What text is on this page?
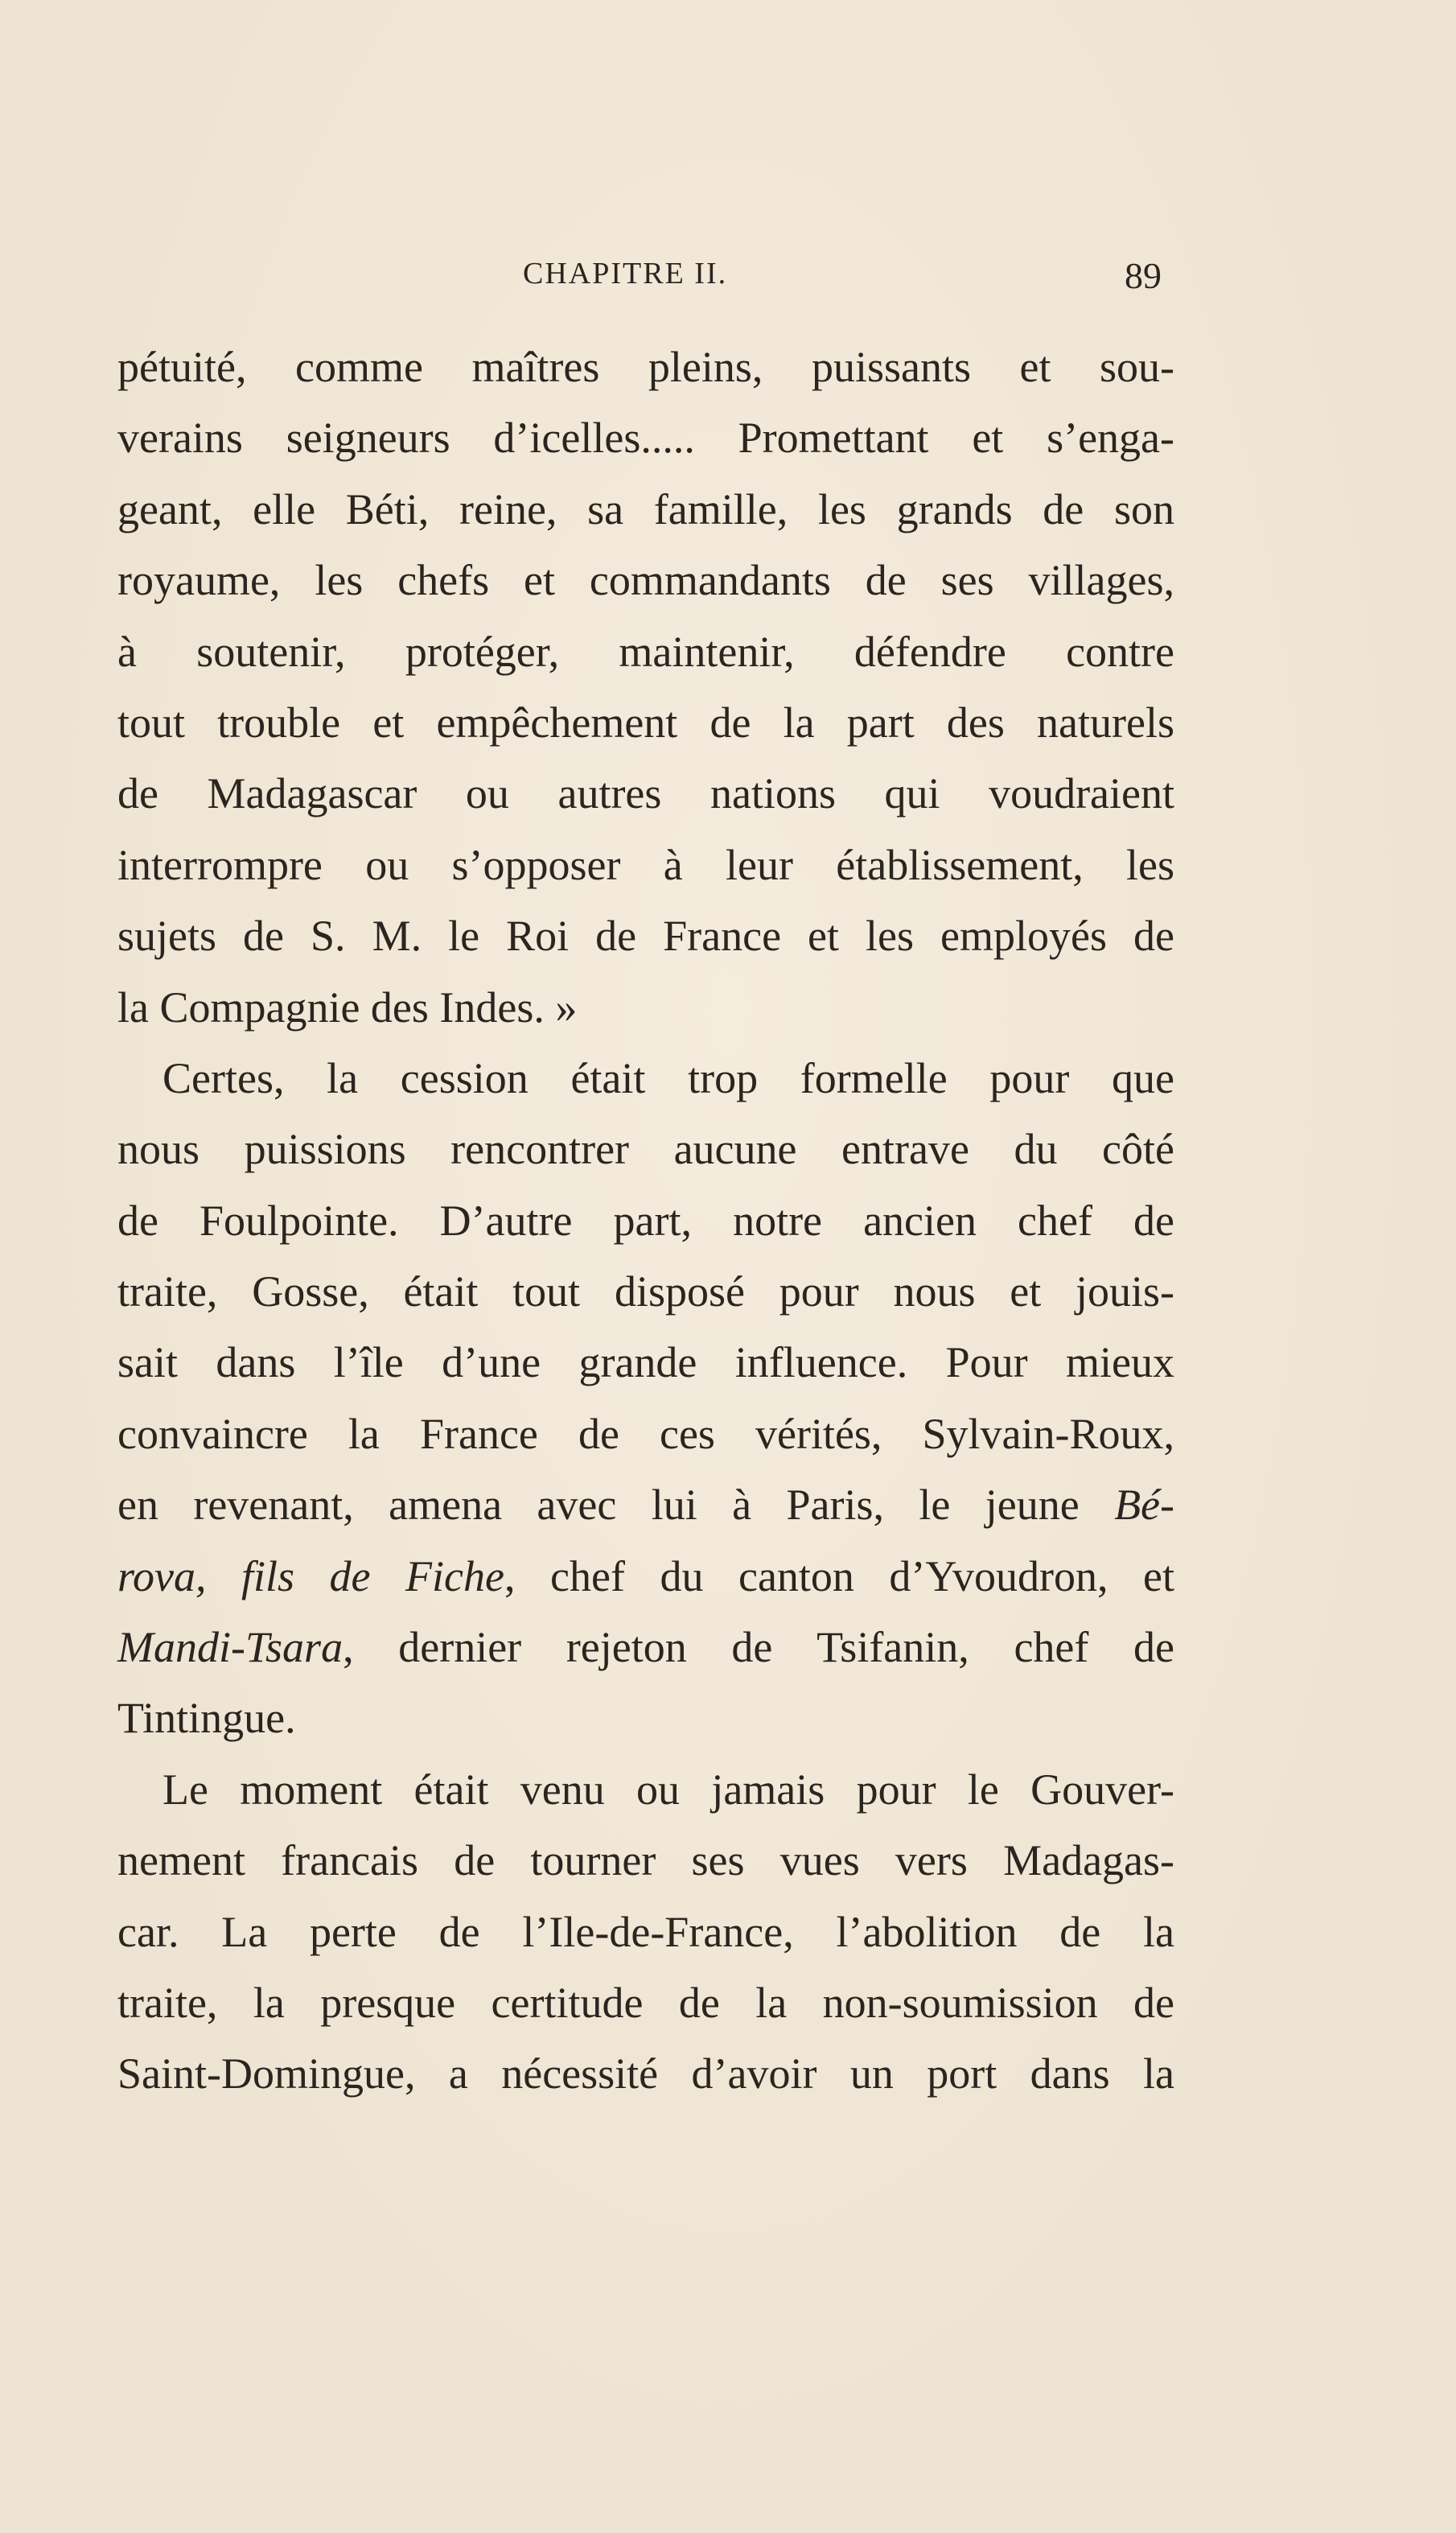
CHAPITRE II.	89
pétuité, comme maîtres pleins, puissants et sou-
verains seigneurs d’icelles..... Promettant et s’enga-
geant, elle Béti, reine, sa famille, les grands de son
royaume, les chefs et commandants de ses villages,
à soutenir, protéger, maintenir, défendre contre
tout trouble et empêchement de la part des naturels
de Madagascar ou autres nations qui voudraient
interrompre ou s’opposer à leur établissement, les
sujets de S. M. le Roi de France et les employés de
la Compagnie des Indes. »
Certes, la cession était trop formelle pour que
nous puissions rencontrer aucune entrave du côté
de Foulpointe. D’autre part, notre ancien chef de
traite, Gosse, était tout disposé pour nous et jouis-
sait dans l’île d’une grande influence. Pour mieux
convaincre la France de ces vérités, Sylvain-Roux,
en revenant, amena avec lui à Paris, le jeune Bé-
rova, fils de Fiche, chef du canton d’Yvoudron, et
Mandi-Tsara, dernier rejeton de Tsifanin, chef de
Tintingue.
Le moment était venu ou jamais pour le Gouver-
nement francais de tourner ses vues vers Madagas-
car. La perte de l’Ile-de-France, l’abolition de la
traite, la presque certitude de la non-soumission de
Saint-Domingue, a nécessité d’avoir un port dans la
